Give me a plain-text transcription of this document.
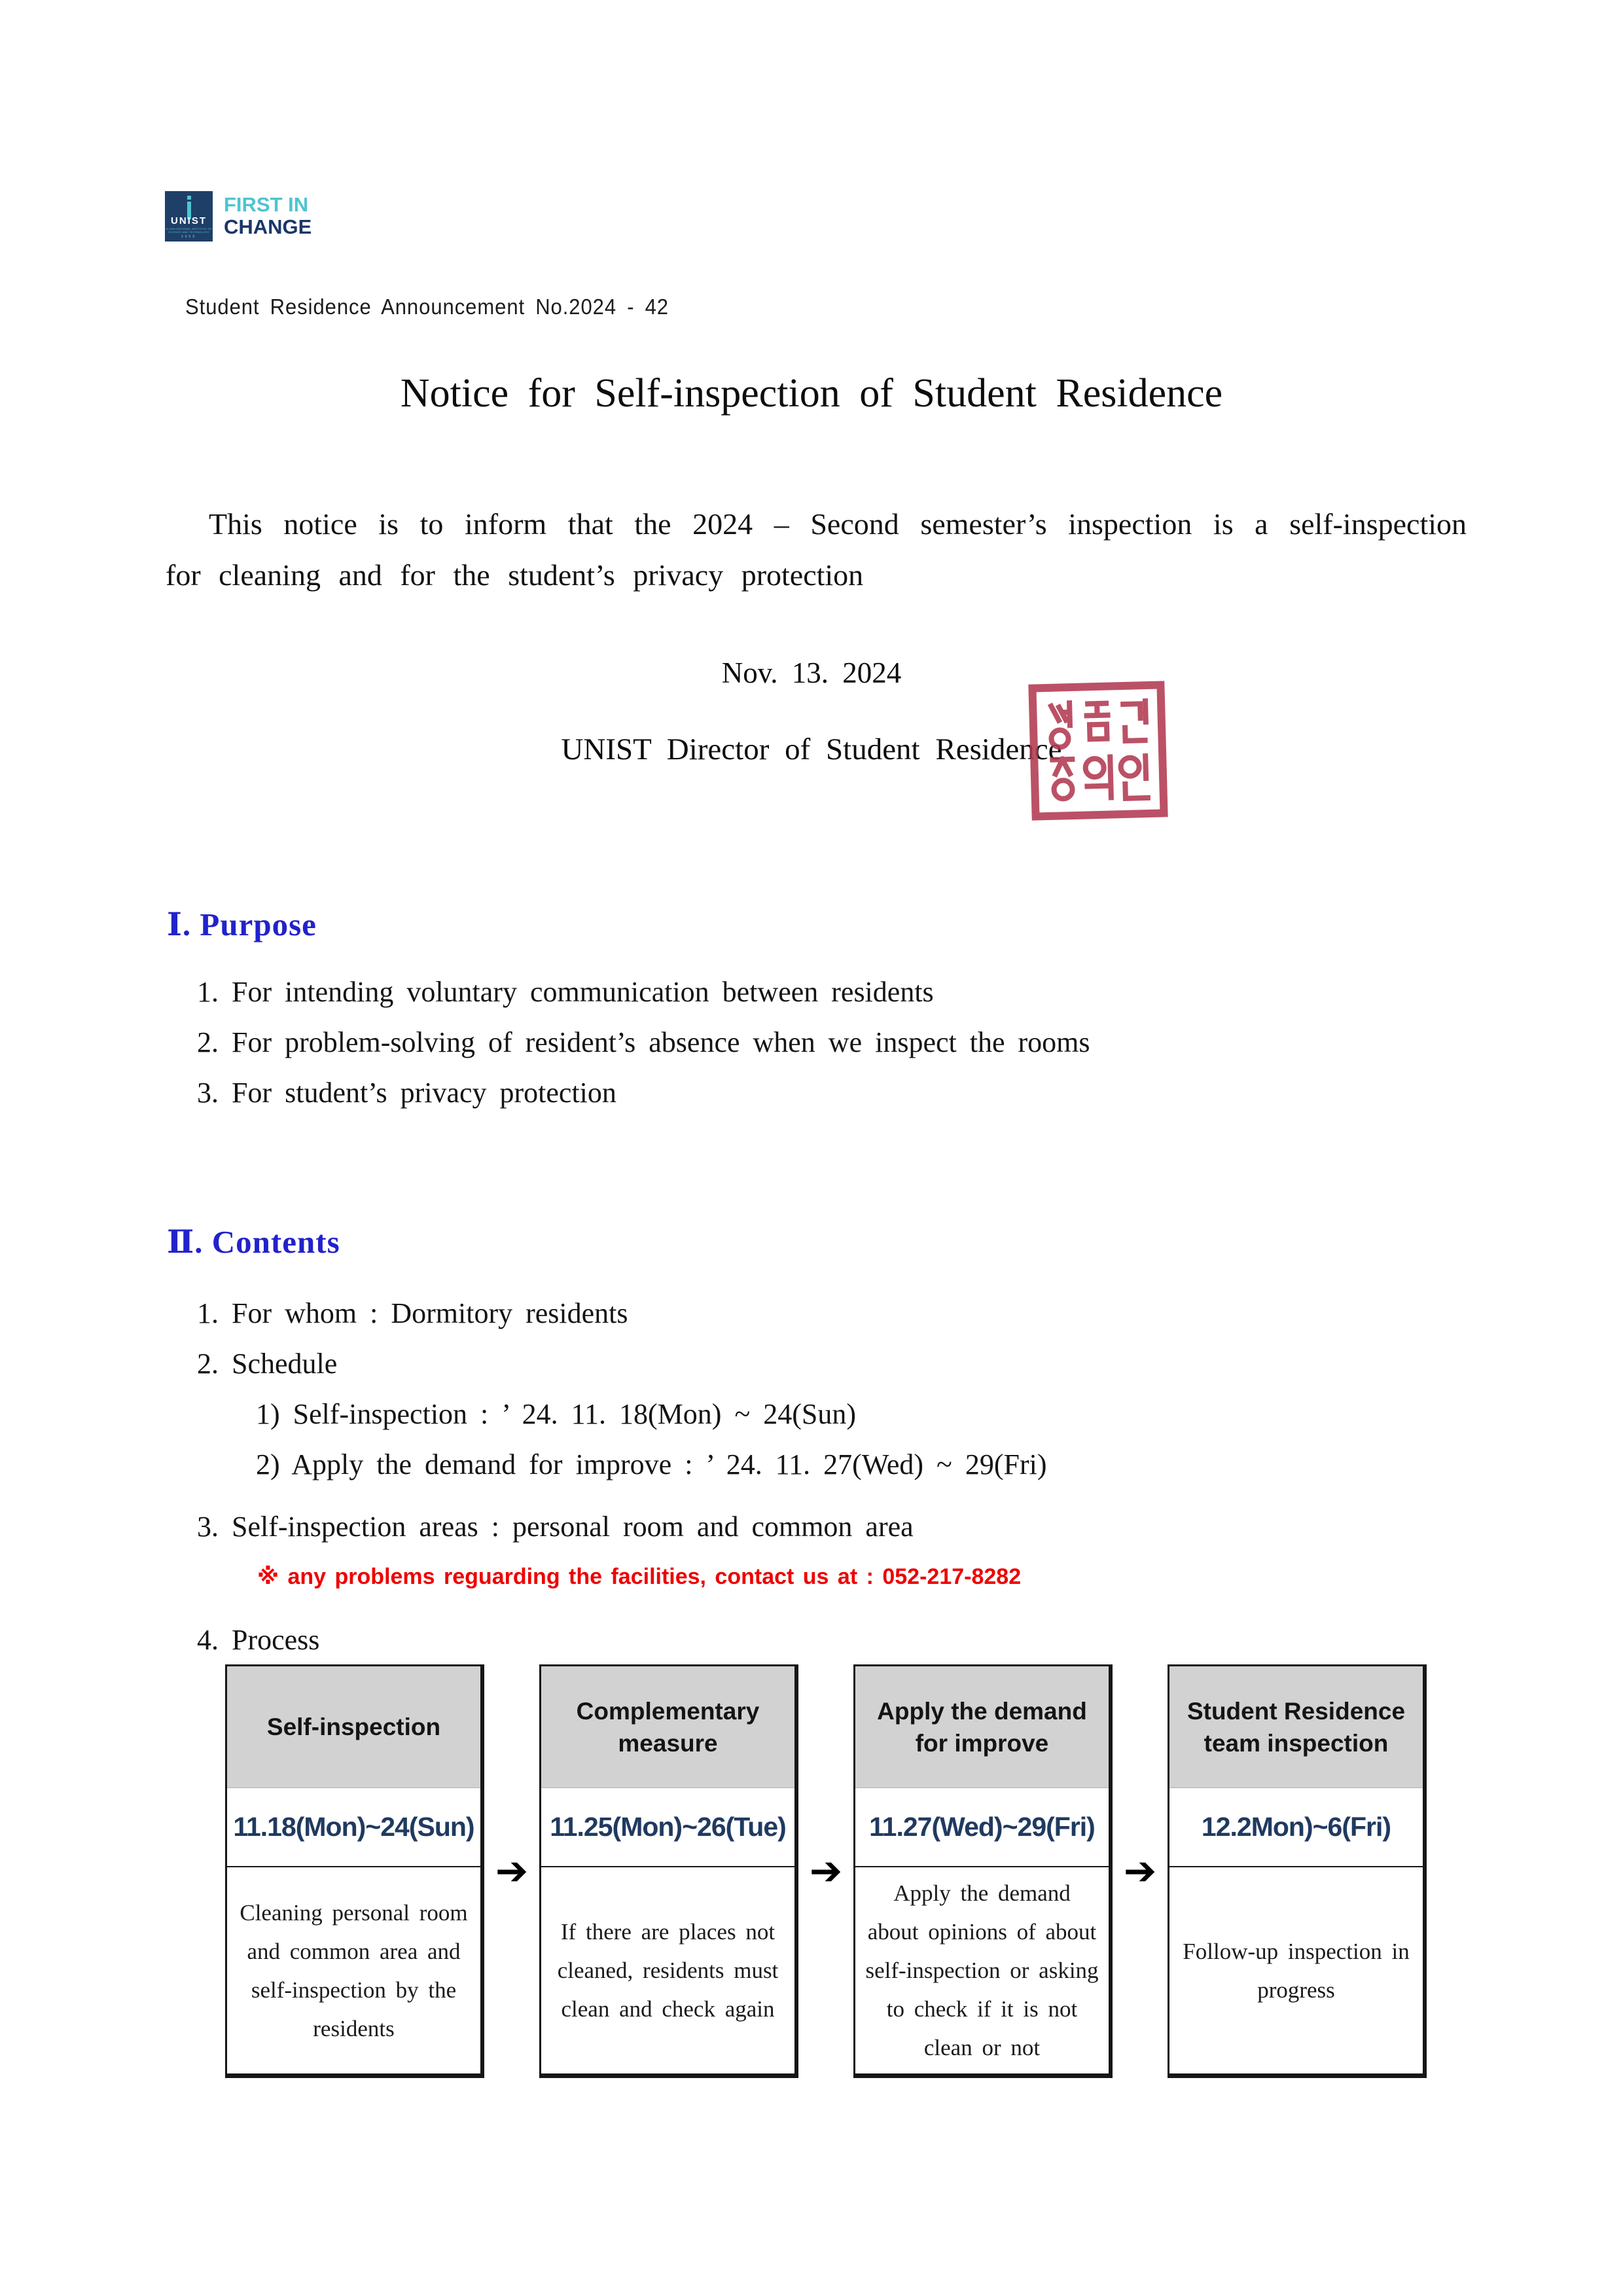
UNIST
ULSAN NATIONAL INSTITUTE OF
SCIENCE AND TECHNOLOGY
2009
FIRST IN
CHANGE
Student Residence Announcement No.2024 - 42
Notice for Self-inspection of Student Residence

This notice is to inform that the 2024 – Second semester’s inspection is a self-inspection for cleaning and for the student’s privacy protection

Nov. 13. 2024
UNIST Director of Student Residence
Ⅰ. Purpose
1. For intending voluntary communication between residents
2. For problem-solving of resident’s absence when we inspect the rooms
3. For student’s privacy protection
Ⅱ. Contents
1. For whom : Dormitory residents
2. Schedule
1) Self-inspection : ’ 24. 11. 18(Mon) ~ 24(Sun)
2) Apply the demand for improve : ’ 24. 11. 27(Wed) ~ 29(Fri)
3. Self-inspection areas : personal room and common area
※ any problems reguarding the facilities, contact us at : 052-217-8282
4. Process
Self-inspection
11.18(Mon)~24(Sun)
Cleaning personal room and common area and self-inspection by the residents
➔
Complementary measure
11.25(Mon)~26(Tue)
If there are places not cleaned, residents must clean and check again
➔
Apply the demand for improve
11.27(Wed)~29(Fri)
Apply the demand about opinions of about self-inspection or asking to check if it is not clean or not
➔
Student Residence team inspection
12.2Mon)~6(Fri)
Follow-up inspection in progress
